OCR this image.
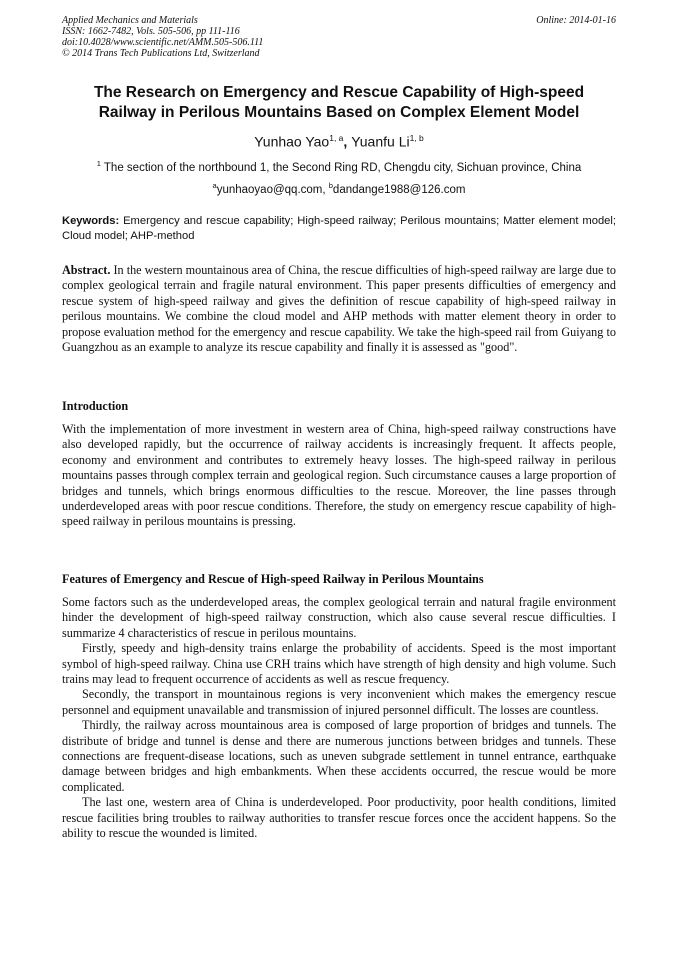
Applied Mechanics and Materials
ISSN: 1662-7482, Vols. 505-506, pp 111-116
doi:10.4028/www.scientific.net/AMM.505-506.111
© 2014 Trans Tech Publications Ltd, Switzerland
Online: 2014-01-16
The Research on Emergency and Rescue Capability of High-speed
Railway in Perilous Mountains Based on Complex Element Model
Yunhao Yao$^{1, a}$, Yuanfu Li$^{1, b}$
$^1$ The section of the northbound 1, the Second Ring RD, Chengdu city, Sichuan province, China
$^a$yunhaoyao@qq.com, $^b$dandange1988@126.com
Keywords: Emergency and rescue capability; High-speed railway; Perilous mountains; Matter element model; Cloud model; AHP-method

Abstract. In the western mountainous area of China, the rescue difficulties of high-speed railway are large due to complex geological terrain and fragile natural environment. This paper presents difficulties of emergency and rescue system of high-speed railway and gives the definition of rescue capability of high-speed railway in perilous mountains. We combine the cloud model and AHP methods with matter element theory in order to propose evaluation method for the emergency and rescue capability. We take the high-speed rail from Guiyang to Guangzhou as an example to analyze its rescue capability and finally it is assessed as "good".

Introduction

With the implementation of more investment in western area of China, high-speed railway constructions have also developed rapidly, but the occurrence of railway accidents is increasingly frequent. It affects people, economy and environment and contributes to extremely heavy losses. The high-speed railway in perilous mountains passes through complex terrain and geological region. Such circumstance causes a large proportion of bridges and tunnels, which brings enormous difficulties to the rescue. Moreover, the line passes through underdeveloped areas with poor rescue conditions. Therefore, the study on emergency rescue capability of high-speed railway in perilous mountains is pressing.

Features of Emergency and Rescue of High-speed Railway in Perilous Mountains

Some factors such as the underdeveloped areas, the complex geological terrain and natural fragile environment hinder the development of high-speed railway construction, which also cause several rescue difficulties. I summarize 4 characteristics of rescue in perilous mountains.

Firstly, speedy and high-density trains enlarge the probability of accidents. Speed is the most important symbol of high-speed railway. China use CRH trains which have strength of high density and high volume. Such trains may lead to frequent occurrence of accidents as well as rescue frequency.

Secondly, the transport in mountainous regions is very inconvenient which makes the emergency rescue personnel and equipment unavailable and transmission of injured personnel difficult. The losses are countless.

Thirdly, the railway across mountainous area is composed of large proportion of bridges and tunnels. The distribute of bridge and tunnel is dense and there are numerous junctions between bridges and tunnels. These connections are frequent-disease locations, such as uneven subgrade settlement in tunnel entrance, earthquake damage between bridges and high embankments. When these accidents occurred, the rescue would be more complicated.

The last one, western area of China is underdeveloped. Poor productivity, poor health conditions, limited rescue facilities bring troubles to railway authorities to transfer rescue forces once the accident happens. So the ability to rescue the wounded is limited.
